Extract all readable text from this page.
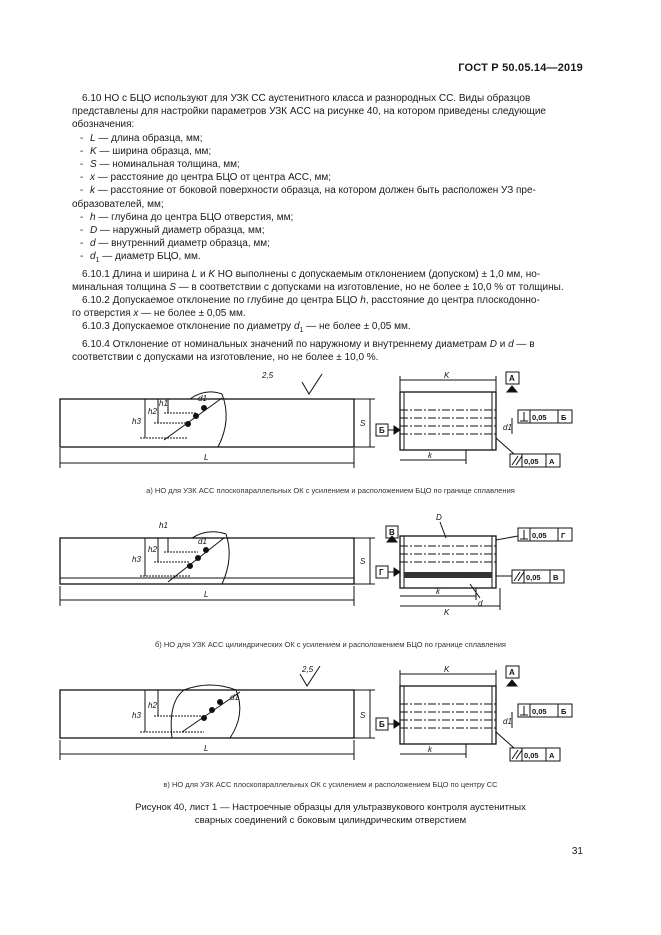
ГОСТ Р 50.05.14—2019

6.10 НО с БЦО используют для УЗК СС аустенитного класса и разнородных СС. Виды образцов

представлены для настройки параметров УЗК АСС на рисунке 40, на котором приведены следующие

обозначения:

- L — длина образца, мм;

- K — ширина образца, мм;

- S — номинальная толщина, мм;

- x — расстояние до центра БЦО от центра АСС, мм;

- k — расстояние от боковой поверхности образца, на котором должен быть расположен УЗ пре-

образователей, мм;

- h — глубина до центра БЦО отверстия, мм;

- D — наружный диаметр образца, мм;

- d — внутренний диаметр образца, мм;

- $d_1$ — диаметр БЦО, мм.

6.10.1 Длина и ширина L и K НО выполнены с допускаемым отклонением (допуском) ± 1,0 мм, но-

минальная толщина S — в соответствии с допусками на изготовление, но не более ± 10,0 % от толщины.

6.10.2 Допускаемое отклонение по глубине до центра БЦО h, расстояние до центра плоскодонно-

го отверстия x — не более ± 0,05 мм.

6.10.3 Допускаемое отклонение по диаметру $d_1$ — не более ± 0,05 мм.

6.10.4 Отклонение от номинальных значений по наружному и внутреннему диаметрам D и d — в

соответствии с допусками на изготовление, но не более ± 10,0 %.

2,5
h3
h2
h1
d1
S
L
K
k
d1
А
Б
0,05 Б
0,05 А
а) НО для УЗК АСС плоскопараллельных ОК с усилением и расположением БЦО по границе сплавления
h3
h2
h1
d1
S
L
D
k
K
d
В
Г
0,05 Г
0,05 В
б) НО для УЗК АСС цилиндрических ОК с усилением и расположением БЦО по границе сплавления
2,5
h3
h2
d1
S
L
K
k
d1
А
Б
0,05 Б
0,05 А
в) НО для УЗК АСС плоскопараллельных ОК с усилением и расположением БЦО по центру СС
Рисунок 40, лист 1 — Настроечные образцы для ультразвукового контроля аустенитных
сварных соединений с боковым цилиндрическим отверстием
31
